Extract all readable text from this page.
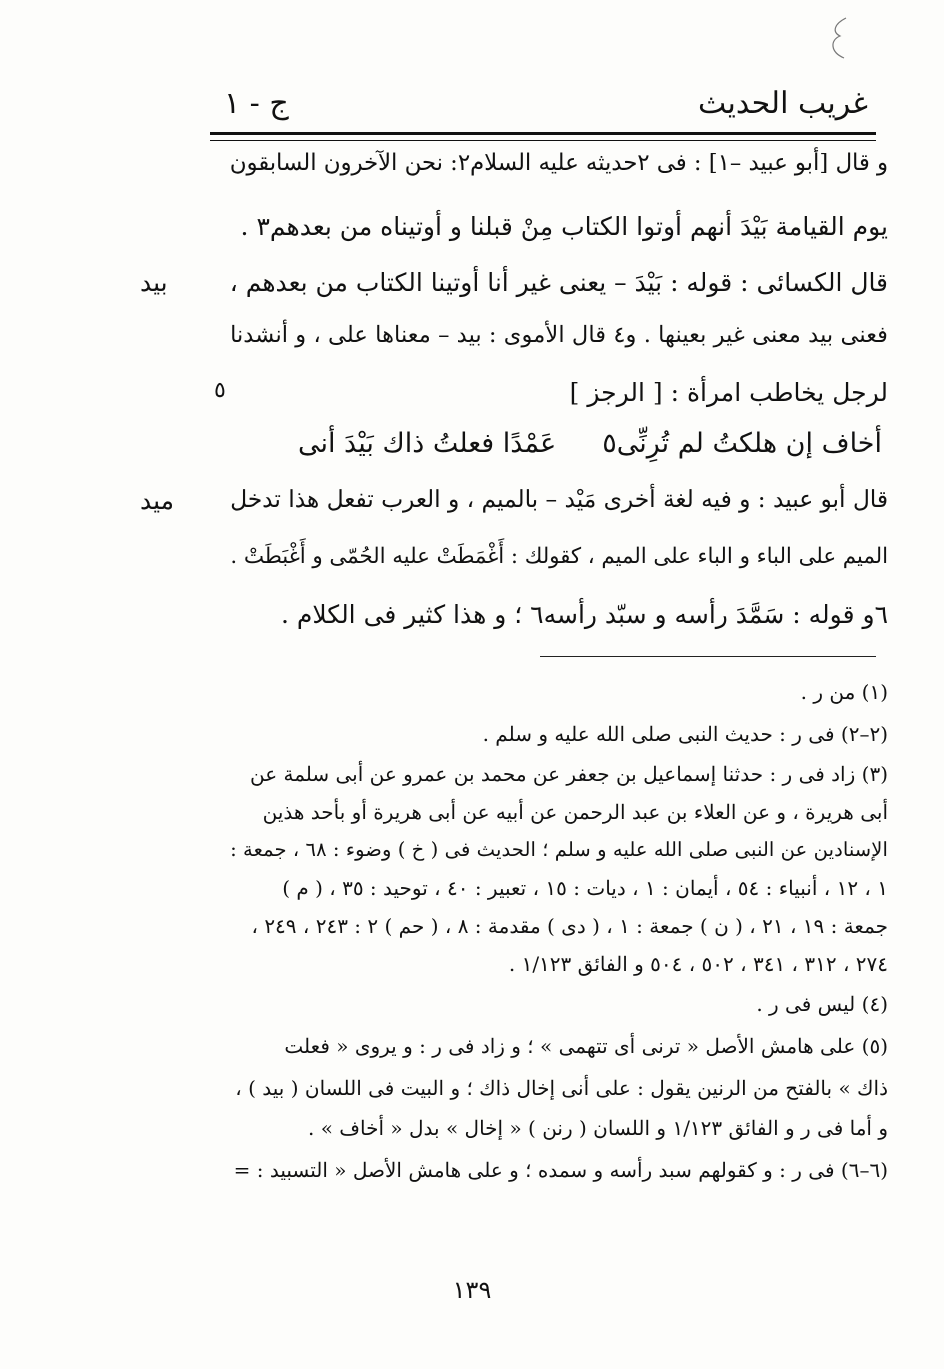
غريب الحديث
ج - ١
و قال [أبو عبيد –١] : فى ٢حديثه عليه السلام٢: نحن الآخرون السابقون
يوم القيامة بَيْدَ أنهم أوتوا الكتاب مِنْ قبلنا و أوتيناه من بعدهم٣ .
قال الكسائى : قوله : بَيْدَ – يعنى غير أنا أوتينا الكتاب من بعدهم ،
فعنى بيد معنى غير بعينها . و٤ قال الأموى : بيد – معناها على ، و أنشدنا
لرجل يخاطب امرأة : [ الرجز ]
عَمْدًا فعلتُ ذاك بَيْدَ أنى أخاف إن هلكتُ لم تُرِنِّى٥
قال أبو عبيد : و فيه لغة أخرى مَيْد – بالميم ، و العرب تفعل هذا تدخل
الميم على الباء و الباء على الميم ، كقولك : أَغْمَطَتْ عليه الحُمّى و أَغْبَطَتْ .
٦و قوله : سَمَّدَ رأسه و سبّد رأسه٦ ؛ و هذا كثير فى الكلام .
بيد
ميد
٥
(١) من ر .
(٢–٢) فى ر : حديث النبى صلى الله عليه و سلم .
(٣) زاد فى ر : حدثنا إسماعيل بن جعفر عن محمد بن عمرو عن أبى سلمة عن
أبى هريرة ، و عن العلاء بن عبد الرحمن عن أبيه عن أبى هريرة أو بأحد هذين
الإسنادين عن النبى صلى الله عليه و سلم ؛ الحديث فى ( خ ) وضوء : ٦٨ ، جمعة :
١ ، ١٢ ، أنبياء : ٥٤ ، أيمان : ١ ، ديات : ١٥ ، تعبير : ٤٠ ، توحيد : ٣٥ ، ( م )
جمعة : ١٩ ، ٢١ ، ( ن ) جمعة : ١ ، ( دى ) مقدمة : ٨ ، ( حم ) ٢ : ٢٤٣ ، ٢٤٩ ،
٢٧٤ ، ٣١٢ ، ٣٤١ ، ٥٠٢ ، ٥٠٤ و الفائق ١/١٢٣ .
(٤) ليس فى ر .
(٥) على هامش الأصل « ترنى أى تتهمى » ؛ و زاد فى ر : و يروى « فعلت
ذاك » بالفتح من الرنين يقول : على أنى إخال ذاك ؛ و البيت فى اللسان ( بيد ) ،
و أما فى ر و الفائق ١/١٢٣ و اللسان ( رنن ) « إخال » بدل « أخاف » .
(٦–٦) فى ر : و كقولهم سبد رأسه و سمده ؛ و على هامش الأصل « التسبيد : =
١٣٩
